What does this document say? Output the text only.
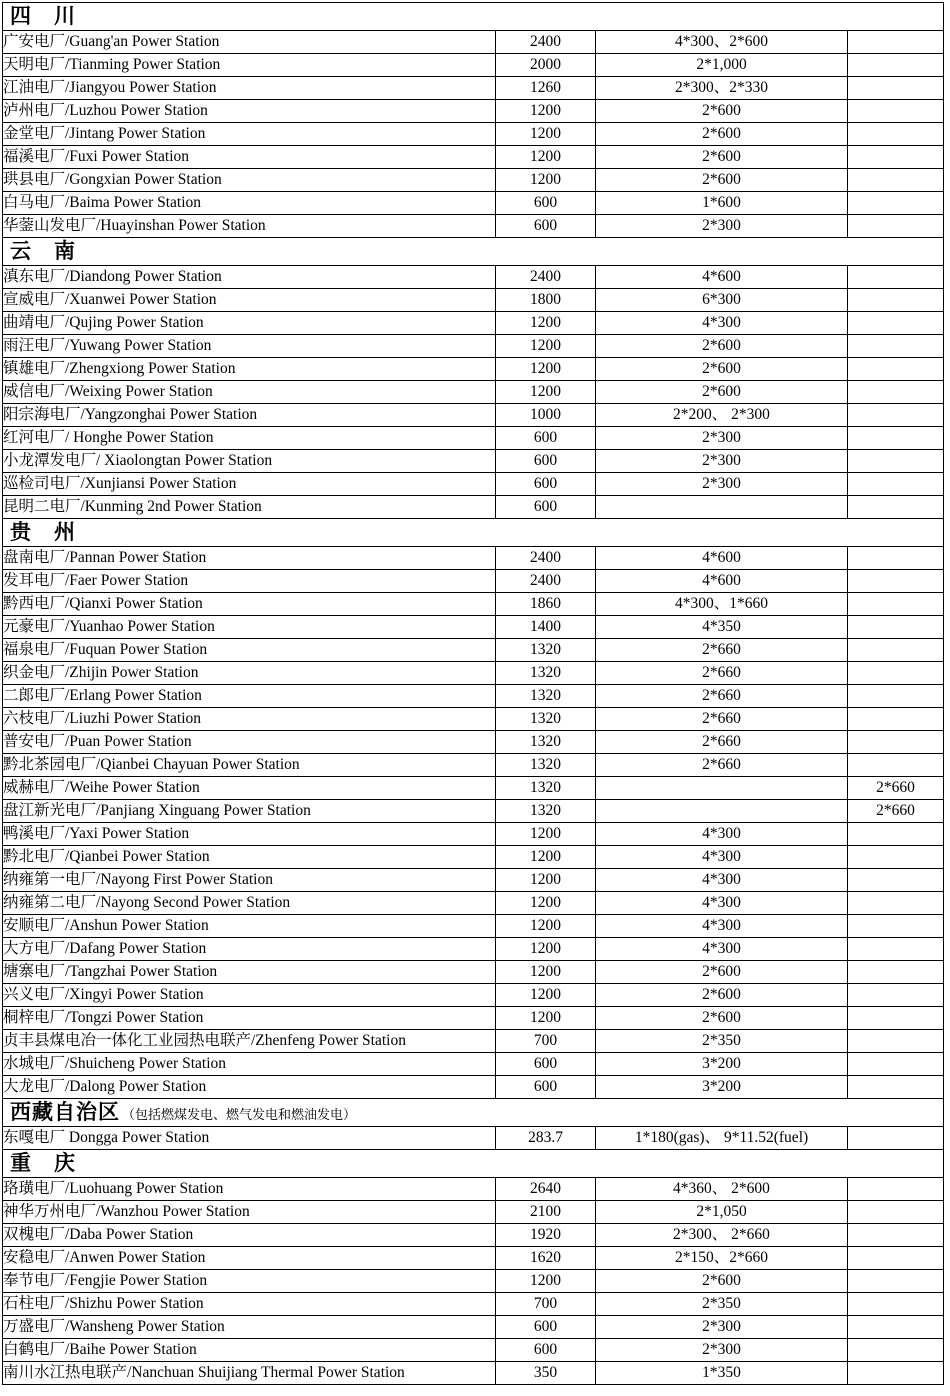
四　川			
广安电厂/Guang'an Power Station	2400	4*300、2*600	
天明电厂/Tianming Power Station	2000	2*1,000	
江油电厂/Jiangyou Power Station	1260	2*300、2*330	
泸州电厂/Luzhou Power Station	1200	2*600	
金堂电厂/Jintang Power Station	1200	2*600	
福溪电厂/Fuxi Power Station	1200	2*600	
珙县电厂/Gongxian Power Station	1200	2*600	
白马电厂/Baima Power Station	600	1*600	
华蓥山发电厂/Huayinshan Power Station	600	2*300	
云　南			
滇东电厂/Diandong Power Station	2400	4*600	
宣威电厂/Xuanwei Power Station	1800	6*300	
曲靖电厂/Qujing Power Station	1200	4*300	
雨汪电厂/Yuwang Power Station	1200	2*600	
镇雄电厂/Zhengxiong Power Station	1200	2*600	
威信电厂/Weixing Power Station	1200	2*600	
阳宗海电厂/Yangzonghai Power Station	1000	2*200、 2*300	
红河电厂/ Honghe Power Station	600	2*300	
小龙潭发电厂/ Xiaolongtan Power Station	600	2*300	
巡检司电厂/Xunjiansi Power Station	600	2*300	
昆明二电厂/Kunming 2nd Power Station	600		
贵　州			
盘南电厂/Pannan Power Station	2400	4*600	
发耳电厂/Faer Power Station	2400	4*600	
黔西电厂/Qianxi Power Station	1860	4*300、1*660	
元豪电厂/Yuanhao Power Station	1400	4*350	
福泉电厂/Fuquan Power Station	1320	2*660	
织金电厂/Zhijin Power Station	1320	2*660	
二郎电厂/Erlang Power Station	1320	2*660	
六枝电厂/Liuzhi Power Station	1320	2*660	
普安电厂/Puan Power Station	1320	2*660	
黔北茶园电厂/Qianbei Chayuan Power Station	1320	2*660	
威赫电厂/Weihe Power Station	1320		2*660
盘江新光电厂/Panjiang Xinguang Power Station	1320		2*660
鸭溪电厂/Yaxi Power Station	1200	4*300	
黔北电厂/Qianbei Power Station	1200	4*300	
纳雍第一电厂/Nayong First Power Station	1200	4*300	
纳雍第二电厂/Nayong Second Power Station	1200	4*300	
安顺电厂/Anshun Power Station	1200	4*300	
大方电厂/Dafang Power Station	1200	4*300	
塘寨电厂/Tangzhai Power Station	1200	2*600	
兴义电厂/Xingyi Power Station	1200	2*600	
桐梓电厂/Tongzi Power Station	1200	2*600	
贞丰县煤电冶一体化工业园热电联产/Zhenfeng Power Station	700	2*350	
水城电厂/Shuicheng Power Station	600	3*200	
大龙电厂/Dalong Power Station	600	3*200	
西藏自治区 （包括燃煤发电、燃气发电和燃油发电）			
东嘎电厂 Dongga Power Station	283.7	1*180(gas)、 9*11.52(fuel)	
重　庆			
珞璜电厂/Luohuang Power Station	2640	4*360、 2*600	
神华万州电厂/Wanzhou Power Station	2100	2*1,050	
双槐电厂/Daba Power Station	1920	2*300、 2*660	
安稳电厂/Anwen Power Station	1620	2*150、2*660	
奉节电厂/Fengjie Power Station	1200	2*600	
石柱电厂/Shizhu Power Station	700	2*350	
万盛电厂/Wansheng Power Station	600	2*300	
白鹤电厂/Baihe Power Station	600	2*300	
南川水江热电联产/Nanchuan Shuijiang Thermal Power Station	350	1*350	
